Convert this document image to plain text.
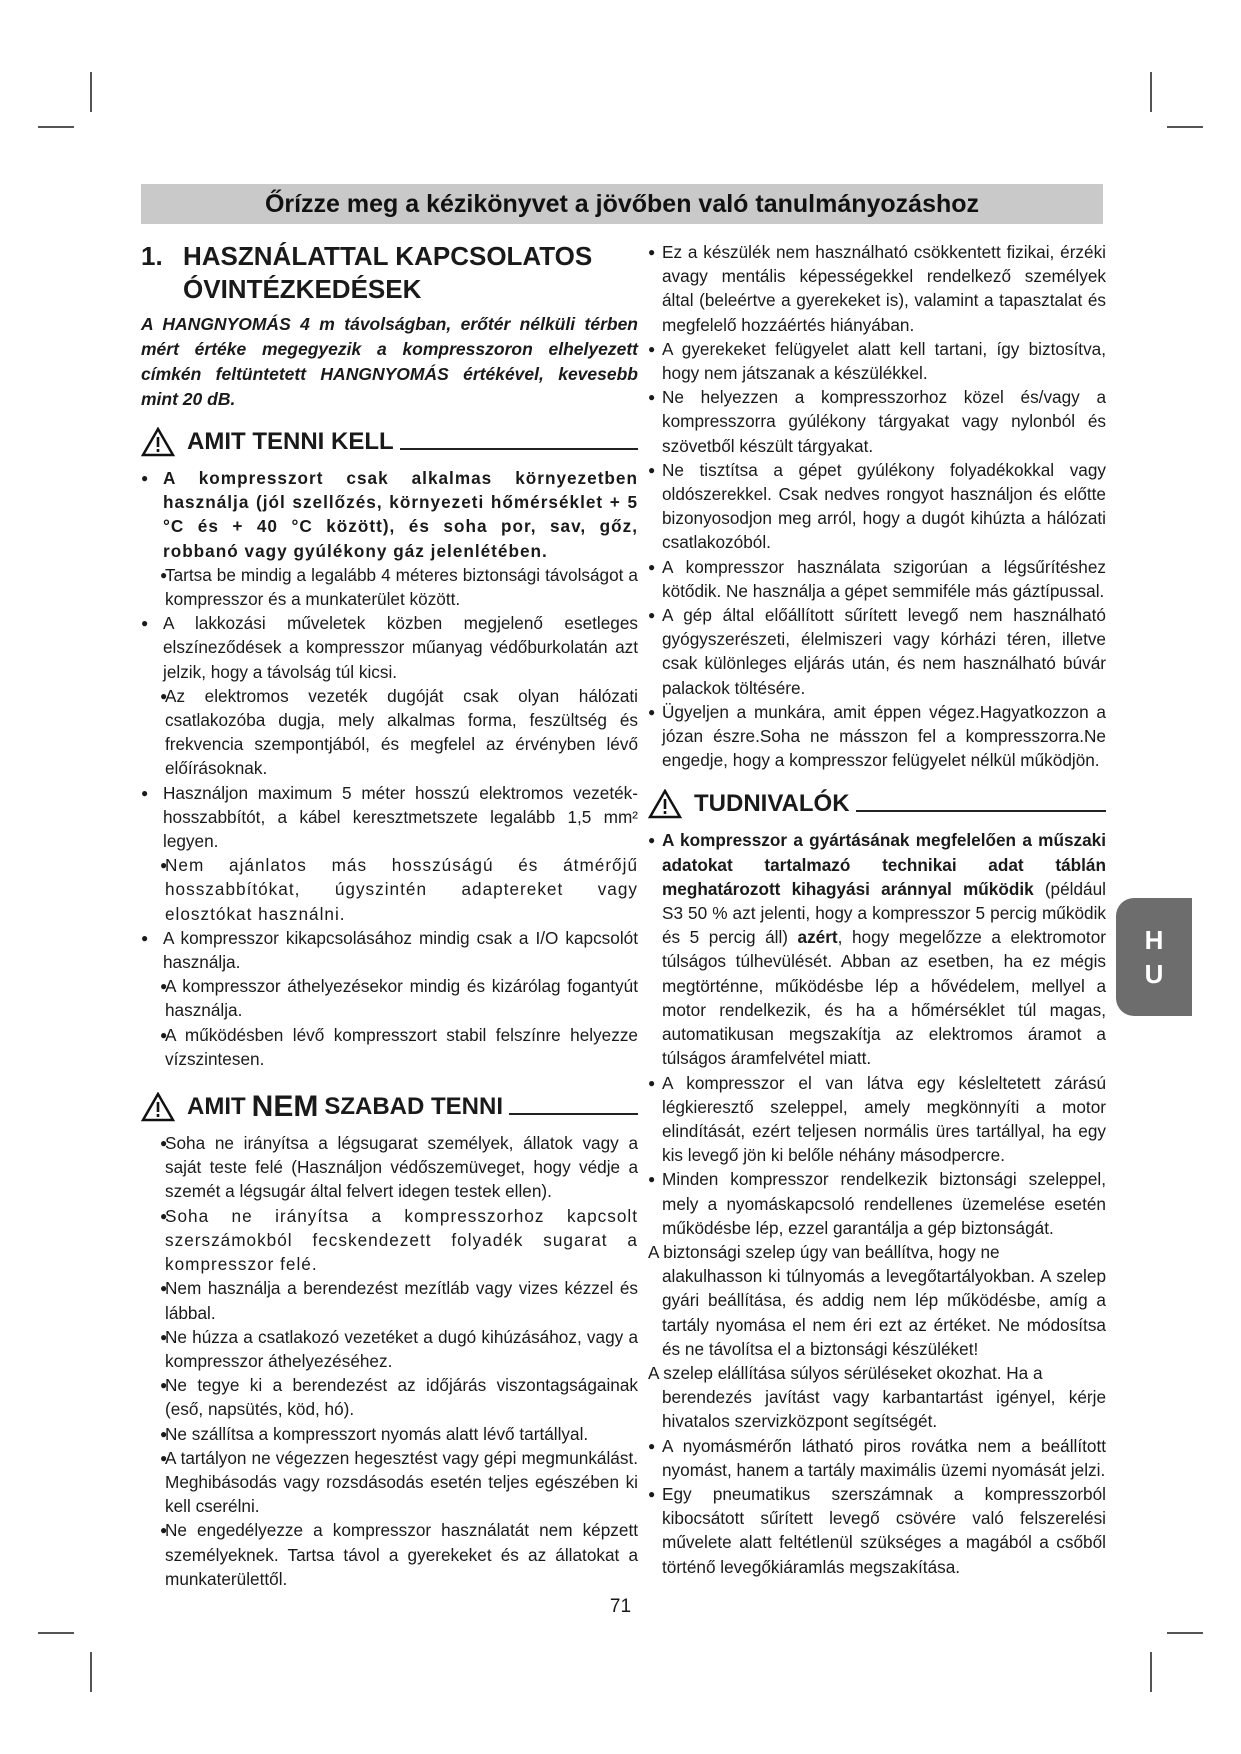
Őrízze meg a kézikönyvet a jövőben való tanulmányozáshoz
1. HASZNÁLATTAL KAPCSOLATOS
ÓVINTÉZKEDÉSEK

A HANGNYOMÁS 4 m távolságban, erőtér nélküli térben mért értéke megegyezik a kompresszoron elhelyezett címkén feltüntetett HANGNYOMÁS értékével, kevesebb mint 20 dB.

AMIT TENNI KELL
● A kompresszort csak alkalmas környezetben használja (jól szellőzés, környezeti hőmérséklet + 5 °C és + 40 °C között), és soha por, sav, gőz, robbanó vagy gyúlékony gáz jelenlétében.
● Tartsa be mindig a legalább 4 méteres biztonsági távolságot a kompresszor és a munkaterület között.
● A lakkozási műveletek közben megjelenő esetleges elszíneződések a kompresszor műanyag védőburkolatán azt jelzik, hogy a távolság túl kicsi.
● Az elektromos vezeték dugóját csak olyan hálózati csatlakozóba dugja, mely alkalmas forma, feszültség és frekvencia szempontjából, és megfelel az érvényben lévő előírásoknak.
● Használjon maximum 5 méter hosszú elektromos vezeték-hosszabbítót, a kábel keresztmetszete legalább 1,5 mm² legyen.
● Nem ajánlatos más hosszúságú és átmérőjű hosszabbítókat, úgyszintén adaptereket vagy elosztókat használni.
● A kompresszor kikapcsolásához mindig csak a I/O kapcsolót használja.
● A kompresszor áthelyezésekor mindig és kizárólag fogantyút használja.
● A működésben lévő kompresszort stabil felszínre helyezze vízszintesen.
AMIT NEM SZABAD TENNI
● Soha ne irányítsa a légsugarat személyek, állatok vagy a saját teste felé (Használjon védőszemüveget, hogy védje a szemét a légsugár által felvert idegen testek ellen).
● Soha ne irányítsa a kompresszorhoz kapcsolt szerszámokból fecskendezett folyadék sugarat a kompresszor felé.
● Nem használja a berendezést mezítláb vagy vizes kézzel és lábbal.
● Ne húzza a csatlakozó vezetéket a dugó kihúzásához, vagy a kompresszor áthelyezéséhez.
● Ne tegye ki a berendezést az időjárás viszontagságainak (eső, napsütés, köd, hó).
● Ne szállítsa a kompresszort nyomás alatt lévő tartállyal.
● A tartályon ne végezzen hegesztést vagy gépi megmunkálást. Meghibásodás vagy rozsdásodás esetén teljes egészében ki kell cserélni.
● Ne engedélyezze a kompresszor használatát nem képzett személyeknek. Tartsa távol a gyerekeket és az állatokat a munkaterülettől.
● Ez a készülék nem használható csökkentett fizikai, érzéki avagy mentális képességekkel rendelkező személyek által (beleértve a gyerekeket is), valamint a tapasztalat és megfelelő hozzáértés hiányában.
● A gyerekeket felügyelet alatt kell tartani, így biztosítva, hogy nem játszanak a készülékkel.
● Ne helyezzen a kompresszorhoz közel és/vagy a kompresszorra gyúlékony tárgyakat vagy nylonból és szövetből készült tárgyakat.
● Ne tisztítsa a gépet gyúlékony folyadékokkal vagy oldószerekkel. Csak nedves rongyot használjon és előtte bizonyosodjon meg arról, hogy a dugót kihúzta a hálózati csatlakozóból.
● A kompresszor használata szigorúan a légsűrítéshez kötődik. Ne használja a gépet semmiféle más gáztípussal.
● A gép által előállított sűrített levegő nem használható gyógyszerészeti, élelmiszeri vagy kórházi téren, illetve csak különleges eljárás után, és nem használható búvár palackok töltésére.
● Ügyeljen a munkára, amit éppen végez.Hagyatkozzon a józan észre.Soha ne másszon fel a kompresszorra.Ne engedje, hogy a kompresszor felügyelet nélkül működjön.
TUDNIVALÓK
● A kompresszor a gyártásának megfelelően a műszaki adatokat tartalmazó technikai adat táblán meghatározott kihagyási aránnyal működik (például S3 50 % azt jelenti, hogy a kompresszor 5 percig működik és 5 percig áll) azért, hogy megelőzze a elektromotor túlságos túlhevülését. Abban az esetben, ha ez mégis megtörténne, működésbe lép a hővédelem, mellyel a motor rendelkezik, és ha a hőmérséklet túl magas, automatikusan megszakítja az elektromos áramot a túlságos áramfelvétel miatt.
● A kompresszor el van látva egy késleltetett zárású légkieresztő szeleppel, amely megkönnyíti a motor elindítását, ezért teljesen normális üres tartállyal, ha egy kis levegő jön ki belőle néhány másodpercre.
● Minden kompresszor rendelkezik biztonsági szeleppel, mely a nyomáskapcsoló rendellenes üzemelése esetén működésbe lép, ezzel garantálja a gép biztonságát.
A biztonsági szelep úgy van beállítva, hogy ne
alakulhasson ki túlnyomás a levegőtartályokban. A szelep gyári beállítása, és addig nem lép működésbe, amíg a tartály nyomása el nem éri ezt az értéket. Ne módosítsa és ne távolítsa el a biztonsági készüléket!
A szelep elállítása súlyos sérüléseket okozhat. Ha a
berendezés javítást vagy karbantartást igényel, kérje hivatalos szervizközpont segítségét.
● A nyomásmérőn látható piros rovátka nem a beállított nyomást, hanem a tartály maximális üzemi nyomását jelzi.
● Egy pneumatikus szerszámnak a kompresszorból kibocsátott sűrített levegő csövére való felszerelési művelete alatt feltétlenül szükséges a magából a csőből történő levegőkiáramlás megszakítása.
H
U
71
